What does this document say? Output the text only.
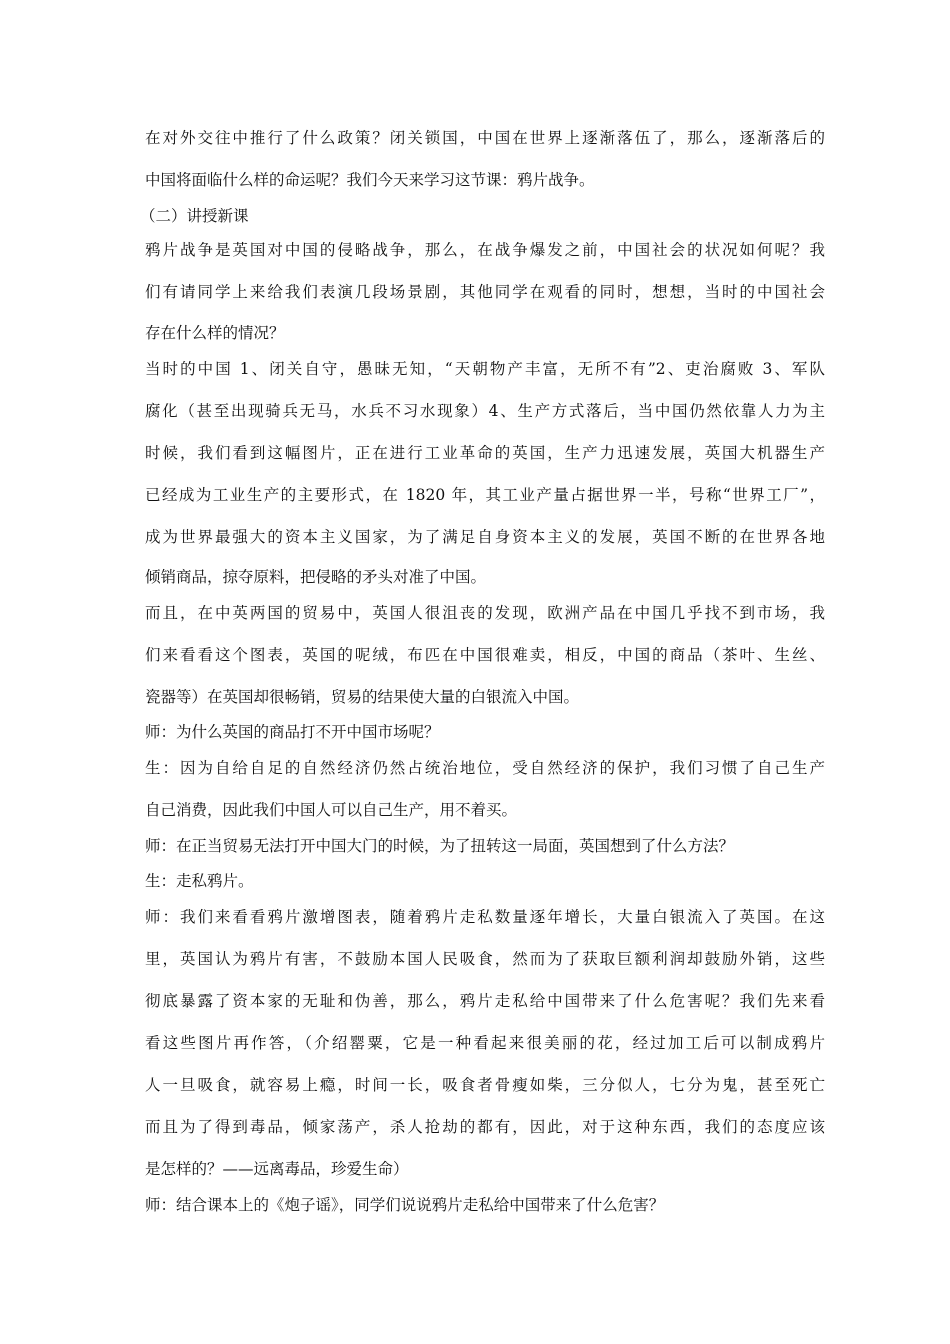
在对外交往中推行了什么政策？闭关锁国，中国在世界上逐渐落伍了，那么，逐渐落后的
中国将面临什么样的命运呢？我们今天来学习这节课：鸦片战争。
（二）讲授新课
鸦片战争是英国对中国的侵略战争，那么，在战争爆发之前，中国社会的状况如何呢？我
们有请同学上来给我们表演几段场景剧，其他同学在观看的同时，想想，当时的中国社会
存在什么样的情况？
当时的中国 1、闭关自守，愚昧无知，“天朝物产丰富，无所不有”2、吏治腐败 3、军队
腐化（甚至出现骑兵无马，水兵不习水现象）4、生产方式落后，当中国仍然依靠人力为主
时候，我们看到这幅图片，正在进行工业革命的英国，生产力迅速发展，英国大机器生产
已经成为工业生产的主要形式，在 1820 年，其工业产量占据世界一半，号称“世界工厂”，
成为世界最强大的资本主义国家，为了满足自身资本主义的发展，英国不断的在世界各地
倾销商品，掠夺原料，把侵略的矛头对准了中国。
而且，在中英两国的贸易中，英国人很沮丧的发现，欧洲产品在中国几乎找不到市场，我
们来看看这个图表，英国的呢绒，布匹在中国很难卖，相反，中国的商品（茶叶、生丝、
瓷器等）在英国却很畅销，贸易的结果使大量的白银流入中国。
师：为什么英国的商品打不开中国市场呢？
生：因为自给自足的自然经济仍然占统治地位，受自然经济的保护，我们习惯了自己生产
自己消费，因此我们中国人可以自己生产，用不着买。
师：在正当贸易无法打开中国大门的时候，为了扭转这一局面，英国想到了什么方法？
生：走私鸦片。
师：我们来看看鸦片激增图表，随着鸦片走私数量逐年增长，大量白银流入了英国。在这
里，英国认为鸦片有害，不鼓励本国人民吸食，然而为了获取巨额利润却鼓励外销，这些
彻底暴露了资本家的无耻和伪善，那么，鸦片走私给中国带来了什么危害呢？我们先来看
看这些图片再作答，（介绍罂粟，它是一种看起来很美丽的花，经过加工后可以制成鸦片
人一旦吸食，就容易上瘾，时间一长，吸食者骨瘦如柴，三分似人，七分为鬼，甚至死亡
而且为了得到毒品，倾家荡产，杀人抢劫的都有，因此，对于这种东西，我们的态度应该
是怎样的？——远离毒品，珍爱生命）
师：结合课本上的《炮子谣》，同学们说说鸦片走私给中国带来了什么危害？
